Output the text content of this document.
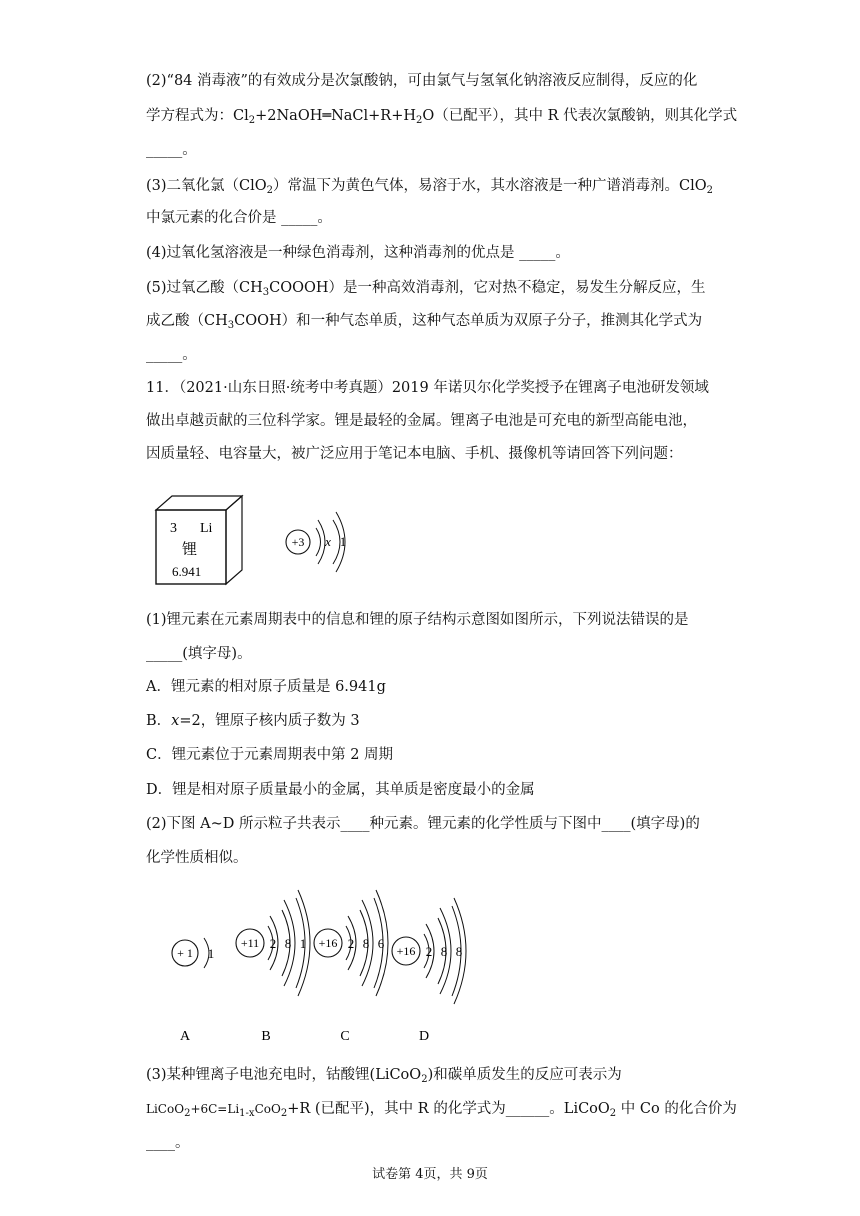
(2)“84 消毒液”的有效成分是次氯酸钠，可由氯气与氢氧化钠溶液反应制得，反应的化
学方程式为：$Cl_2+2NaOH═NaCl+R+H_2O$（已配平），其中 R 代表次氯酸钠，则其化学式
_____。
(3)二氧化氯（ClO$_2$）常温下为黄色气体，易溶于水，其水溶液是一种广谱消毒剂。ClO$_2$
中氯元素的化合价是 _____。
(4)过氧化氢溶液是一种绿色消毒剂，这种消毒剂的优点是 _____。
(5)过氧乙酸$(CH_3COOOH)$是一种高效消毒剂，它对热不稳定，易发生分解反应，生
成乙酸$(CH_3COOH)$和一种气态单质，这种气态单质为双原子分子，推测其化学式为
_____。
11．（2021·山东日照·统考中考真题）2019 年诺贝尔化学奖授予在锂离子电池研发领域
做出卓越贡献的三位科学家。锂是最轻的金属。锂离子电池是可充电的新型高能电池，
因质量轻、电容量大，被广泛应用于笔记本电脑、手机、摄像机等请回答下列问题：
3 Li
锂
6.941
+3 x 1
(1)锂元素在元素周期表中的信息和锂的原子结构示意图如图所示，下列说法错误的是
_____(填字母)。
A．锂元素的相对原子质量是 6.941g
B．x=2，锂原子核内质子数为 3
C．锂元素位于元素周期表中第 2 周期
D．锂是相对原子质量最小的金属，其单质是密度最小的金属
(2)下图 A~D 所示粒子共表示____种元素。锂元素的化学性质与下图中____(填字母)的
化学性质相似。
+ 1 1
A
+11 2 8 1
B
+16 2 8 6
C
+16 2 8 8
D
(3)某种锂离子电池充电时，钴酸锂(LiCoO$_2$)和碳单质发生的反应可表示为
$LiCoO_2+6C=Li_{1-x}CoO_2+R$ (已配平)，其中 R 的化学式为______。LiCoO$_2$ 中 Co 的化合价为
____。
试卷第 4页，共 9页
